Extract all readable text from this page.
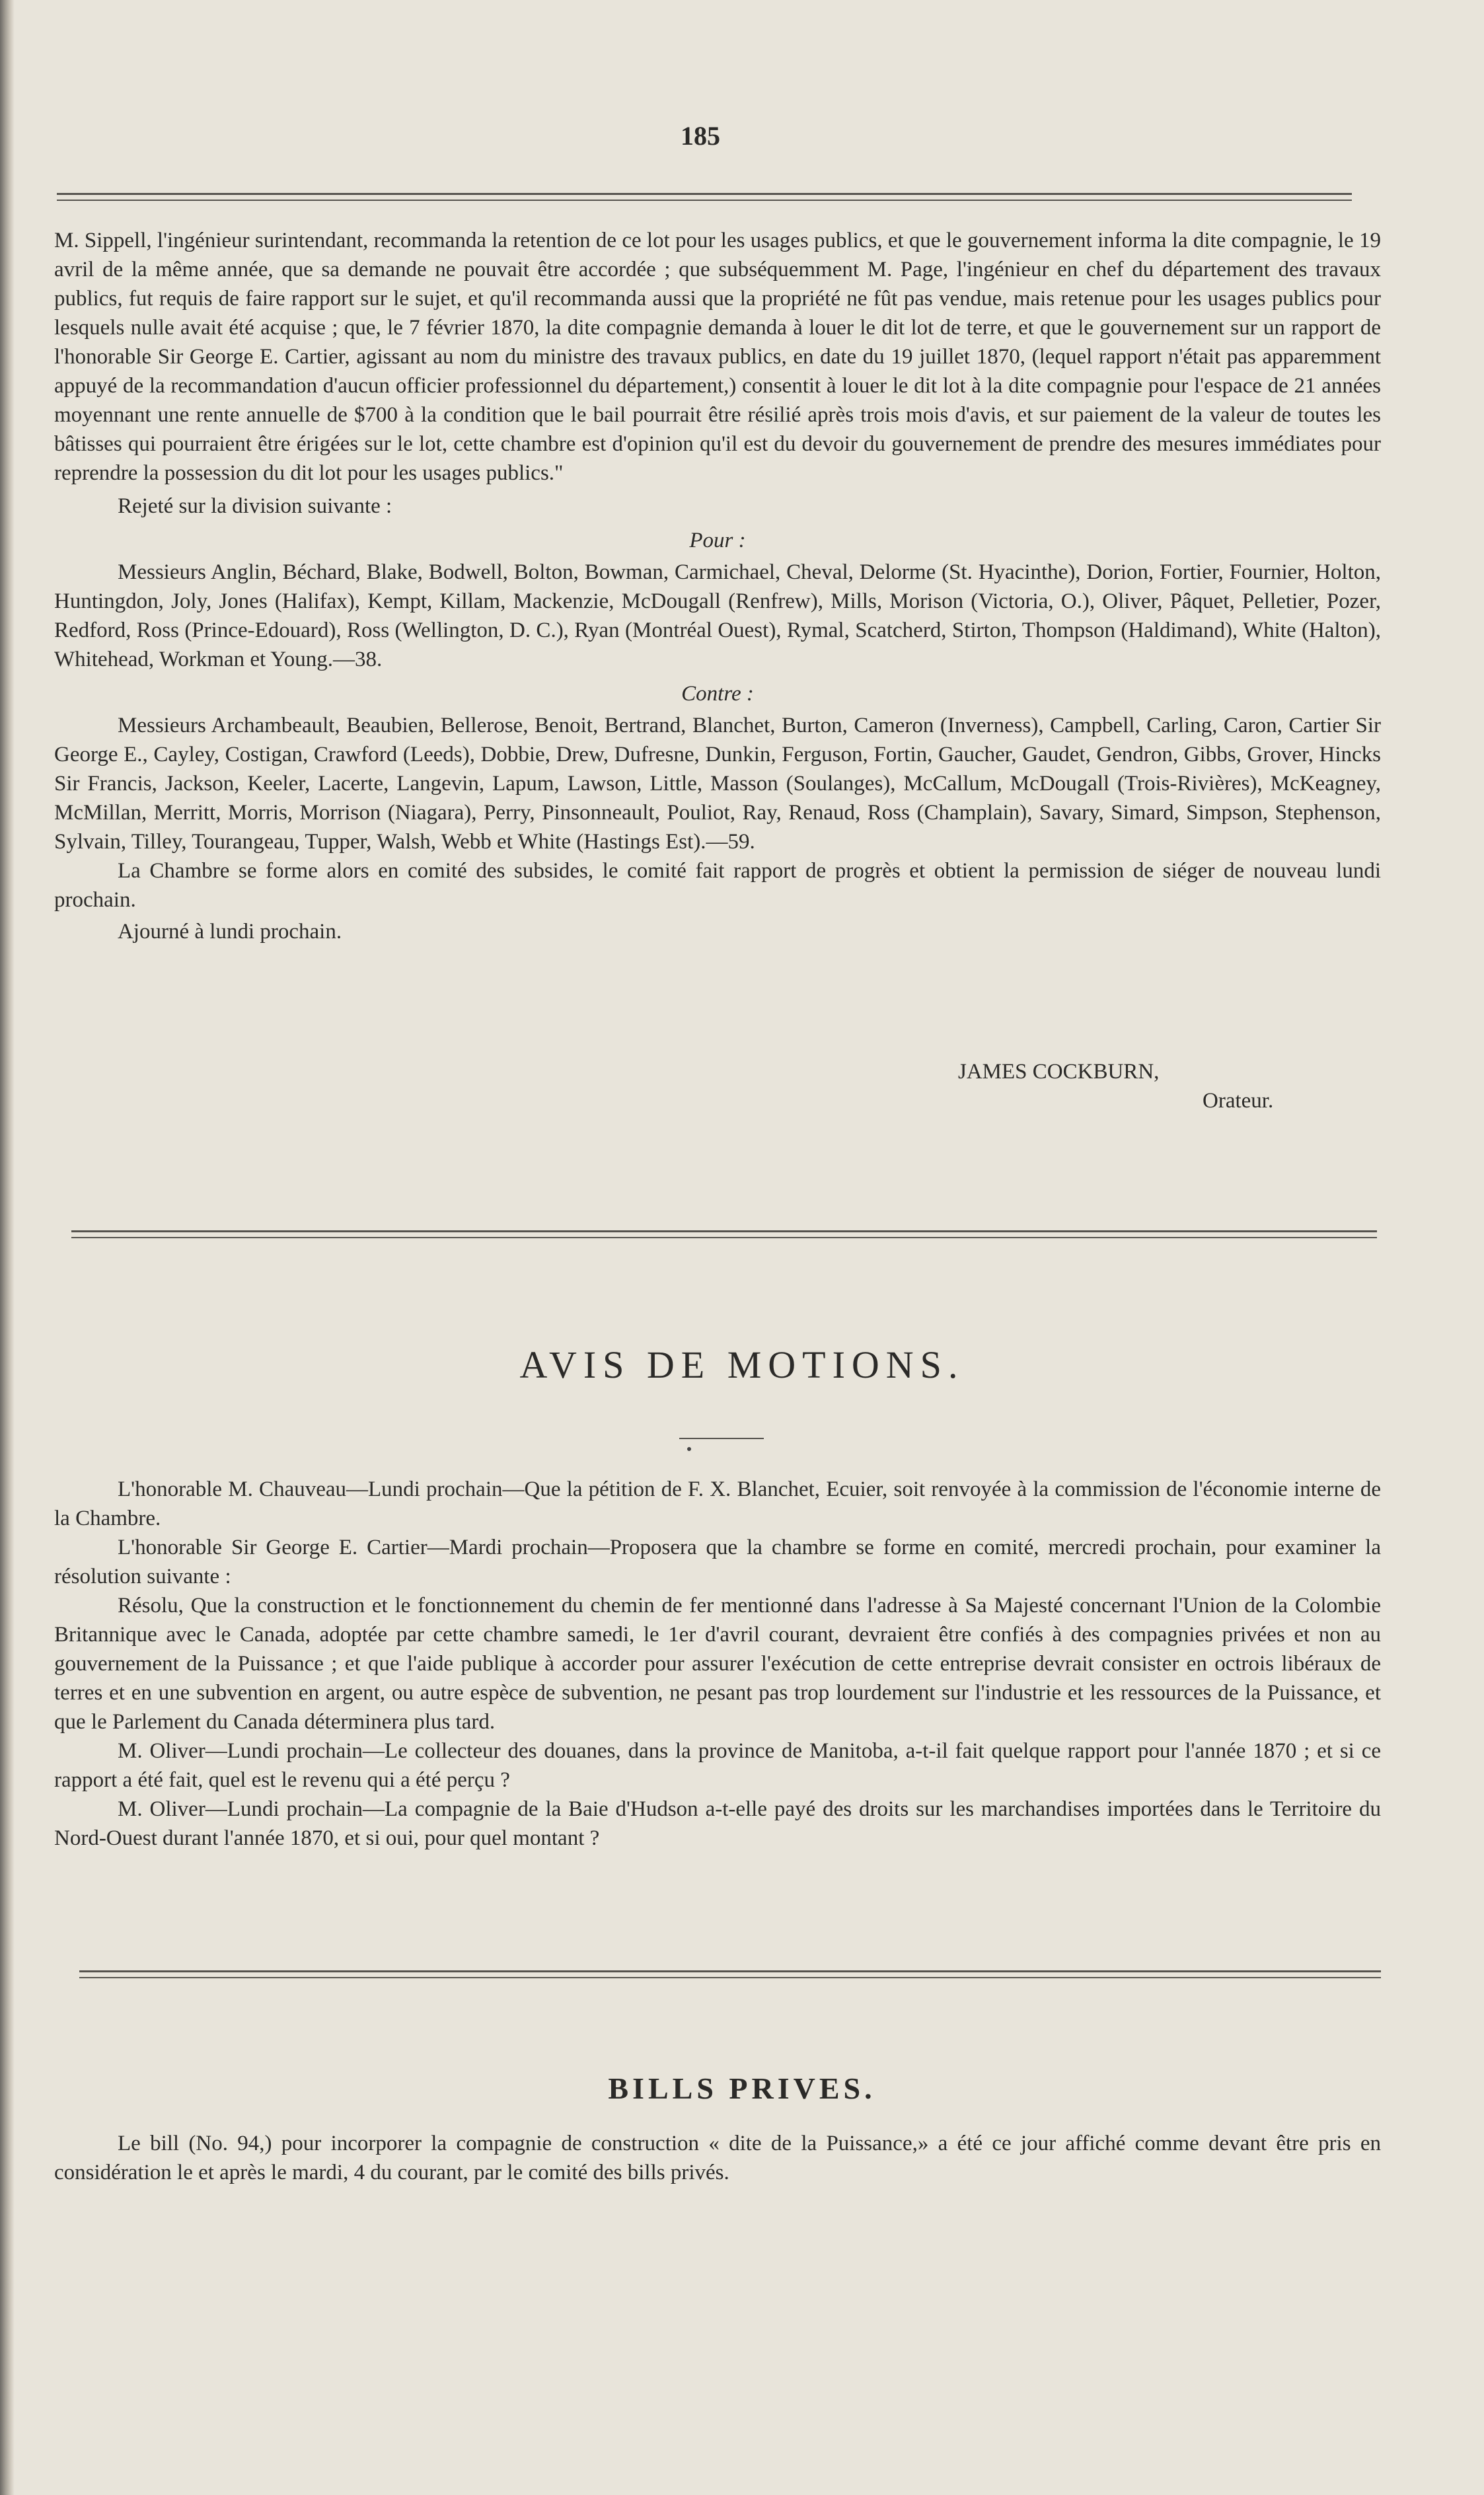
185

M. Sippell, l'ingénieur surintendant, recommanda la retention de ce lot pour les usages publics, et que le gouvernement informa la dite compagnie, le 19 avril de la même année, que sa demande ne pouvait être accordée ; que subséquemment M. Page, l'ingénieur en chef du département des travaux publics, fut requis de faire rapport sur le sujet, et qu'il recommanda aussi que la propriété ne fût pas vendue, mais retenue pour les usages publics pour lesquels nulle avait été acquise ; que, le 7 février 1870, la dite compagnie demanda à louer le dit lot de terre, et que le gouvernement sur un rapport de l'honorable Sir George E. Cartier, agissant au nom du ministre des travaux publics, en date du 19 juillet 1870, (lequel rapport n'était pas apparemment appuyé de la recommandation d'aucun officier professionnel du département,) consentit à louer le dit lot à la dite compagnie pour l'espace de 21 années moyennant une rente annuelle de $700 à la condition que le bail pourrait être résilié après trois mois d'avis, et sur paiement de la valeur de toutes les bâtisses qui pourraient être érigées sur le lot, cette chambre est d'opinion qu'il est du devoir du gouvernement de prendre des mesures immédiates pour reprendre la possession du dit lot pour les usages publics."

Rejeté sur la division suivante :

Pour :

Messieurs Anglin, Béchard, Blake, Bodwell, Bolton, Bowman, Carmichael, Cheval, Delorme (St. Hyacinthe), Dorion, Fortier, Fournier, Holton, Huntingdon, Joly, Jones (Halifax), Kempt, Killam, Mackenzie, McDougall (Renfrew), Mills, Morison (Victoria, O.), Oliver, Pâquet, Pelletier, Pozer, Redford, Ross (Prince-Edouard), Ross (Wellington, D. C.), Ryan (Montréal Ouest), Rymal, Scatcherd, Stirton, Thompson (Haldimand), White (Halton), Whitehead, Workman et Young.—38.

Contre :

Messieurs Archambeault, Beaubien, Bellerose, Benoit, Bertrand, Blanchet, Burton, Cameron (Inverness), Campbell, Carling, Caron, Cartier Sir George E., Cayley, Costigan, Crawford (Leeds), Dobbie, Drew, Dufresne, Dunkin, Ferguson, Fortin, Gaucher, Gaudet, Gendron, Gibbs, Grover, Hincks Sir Francis, Jackson, Keeler, Lacerte, Langevin, Lapum, Lawson, Little, Masson (Soulanges), McCallum, McDougall (Trois-Rivières), McKeagney, McMillan, Merritt, Morris, Morrison (Niagara), Perry, Pinsonneault, Pouliot, Ray, Renaud, Ross (Champlain), Savary, Simard, Simpson, Stephenson, Sylvain, Tilley, Tourangeau, Tupper, Walsh, Webb et White (Hastings Est).—59.

La Chambre se forme alors en comité des subsides, le comité fait rapport de progrès et obtient la permission de siéger de nouveau lundi prochain.

Ajourné à lundi prochain.

JAMES COCKBURN,
Orateur.
AVIS DE MOTIONS.

L'honorable M. Chauveau—Lundi prochain—Que la pétition de F. X. Blanchet, Ecuier, soit renvoyée à la commission de l'économie interne de la Chambre.

L'honorable Sir George E. Cartier—Mardi prochain—Proposera que la chambre se forme en comité, mercredi prochain, pour examiner la résolution suivante :

Résolu, Que la construction et le fonctionnement du chemin de fer mentionné dans l'adresse à Sa Majesté concernant l'Union de la Colombie Britannique avec le Canada, adoptée par cette chambre samedi, le 1er d'avril courant, devraient être confiés à des compagnies privées et non au gouvernement de la Puissance ; et que l'aide publique à accorder pour assurer l'exécution de cette entreprise devrait consister en octrois libéraux de terres et en une subvention en argent, ou autre espèce de subvention, ne pesant pas trop lourdement sur l'industrie et les ressources de la Puissance, et que le Parlement du Canada déterminera plus tard.

M. Oliver—Lundi prochain—Le collecteur des douanes, dans la province de Manitoba, a-t-il fait quelque rapport pour l'année 1870 ; et si ce rapport a été fait, quel est le revenu qui a été perçu ?

M. Oliver—Lundi prochain—La compagnie de la Baie d'Hudson a-t-elle payé des droits sur les marchandises importées dans le Territoire du Nord-Ouest durant l'année 1870, et si oui, pour quel montant ?

BILLS PRIVES.

Le bill (No. 94,) pour incorporer la compagnie de construction « dite de la Puissance,» a été ce jour affiché comme devant être pris en considération le et après le mardi, 4 du courant, par le comité des bills privés.
